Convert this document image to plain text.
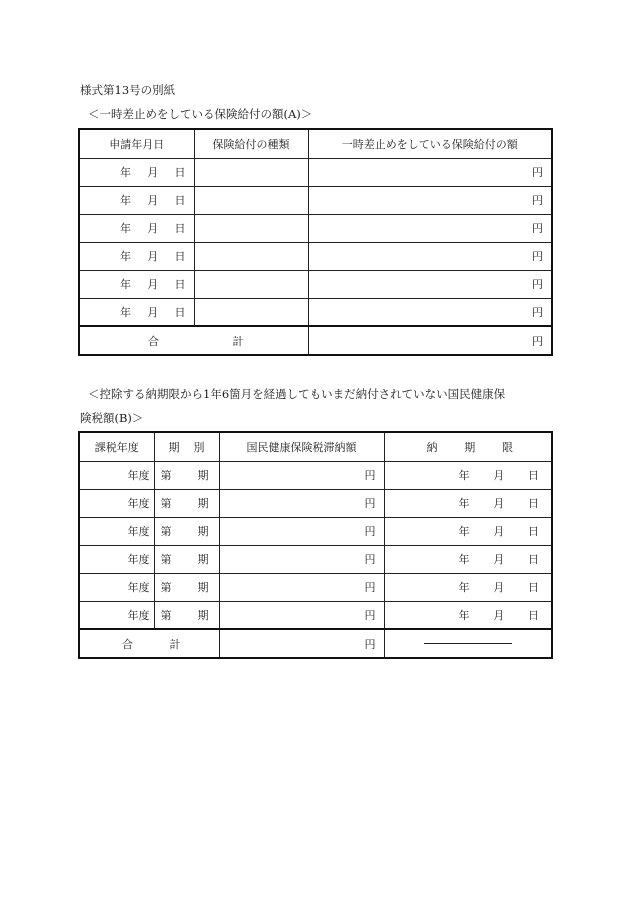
様式第13号の別紙
＜一時差止めをしている保険給付の額(A)＞
申請年月日	保険給付の種類	一時差止めをしている保険給付の額

年 月 日		円

年 月 日		円

年 月 日		円

年 月 日		円

年 月 日		円

年 月 日		円

合 計		円
＜控除する納期限から1年6箇月を経過してもいまだ納付されていない国民健康保
険税額(B)＞
課税年度	期 別	国民健康保険税滞納額	納 期 限

年度	第 期	円	年 月 日

年度	第 期	円	年 月 日

年度	第 期	円	年 月 日

年度	第 期	円	年 月 日

年度	第 期	円	年 月 日

年度	第 期	円	年 月 日

合 計		円	
